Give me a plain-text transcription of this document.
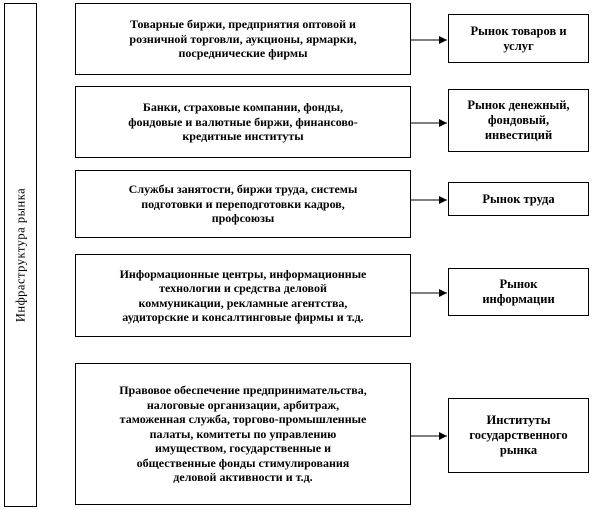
Инфраструктура рынка
Товарные биржи, предприятия оптовой и
розничной торговли, аукционы, ярмарки,
посреднические фирмы
Рынок товаров и
услуг
Банки, страховые компании, фонды,
фондовые и валютные биржи, финансово-
кредитные институты
Рынок денежный,
фондовый,
инвестиций
Службы занятости, биржи труда, системы
подготовки и переподготовки кадров,
профсоюзы
Рынок труда
Информационные центры, информационные
технологии и средства деловой
коммуникации, рекламные агентства,
аудиторские и консалтинговые фирмы и т.д.
Рынок
информации
Правовое обеспечение предпринимательства,
налоговые организации, арбитраж,
таможенная служба, торгово-промышленные
палаты, комитеты по управлению
имуществом, государственные и
общественные фонды стимулирования
деловой активности и т.д.
Институты
государственного
рынка
